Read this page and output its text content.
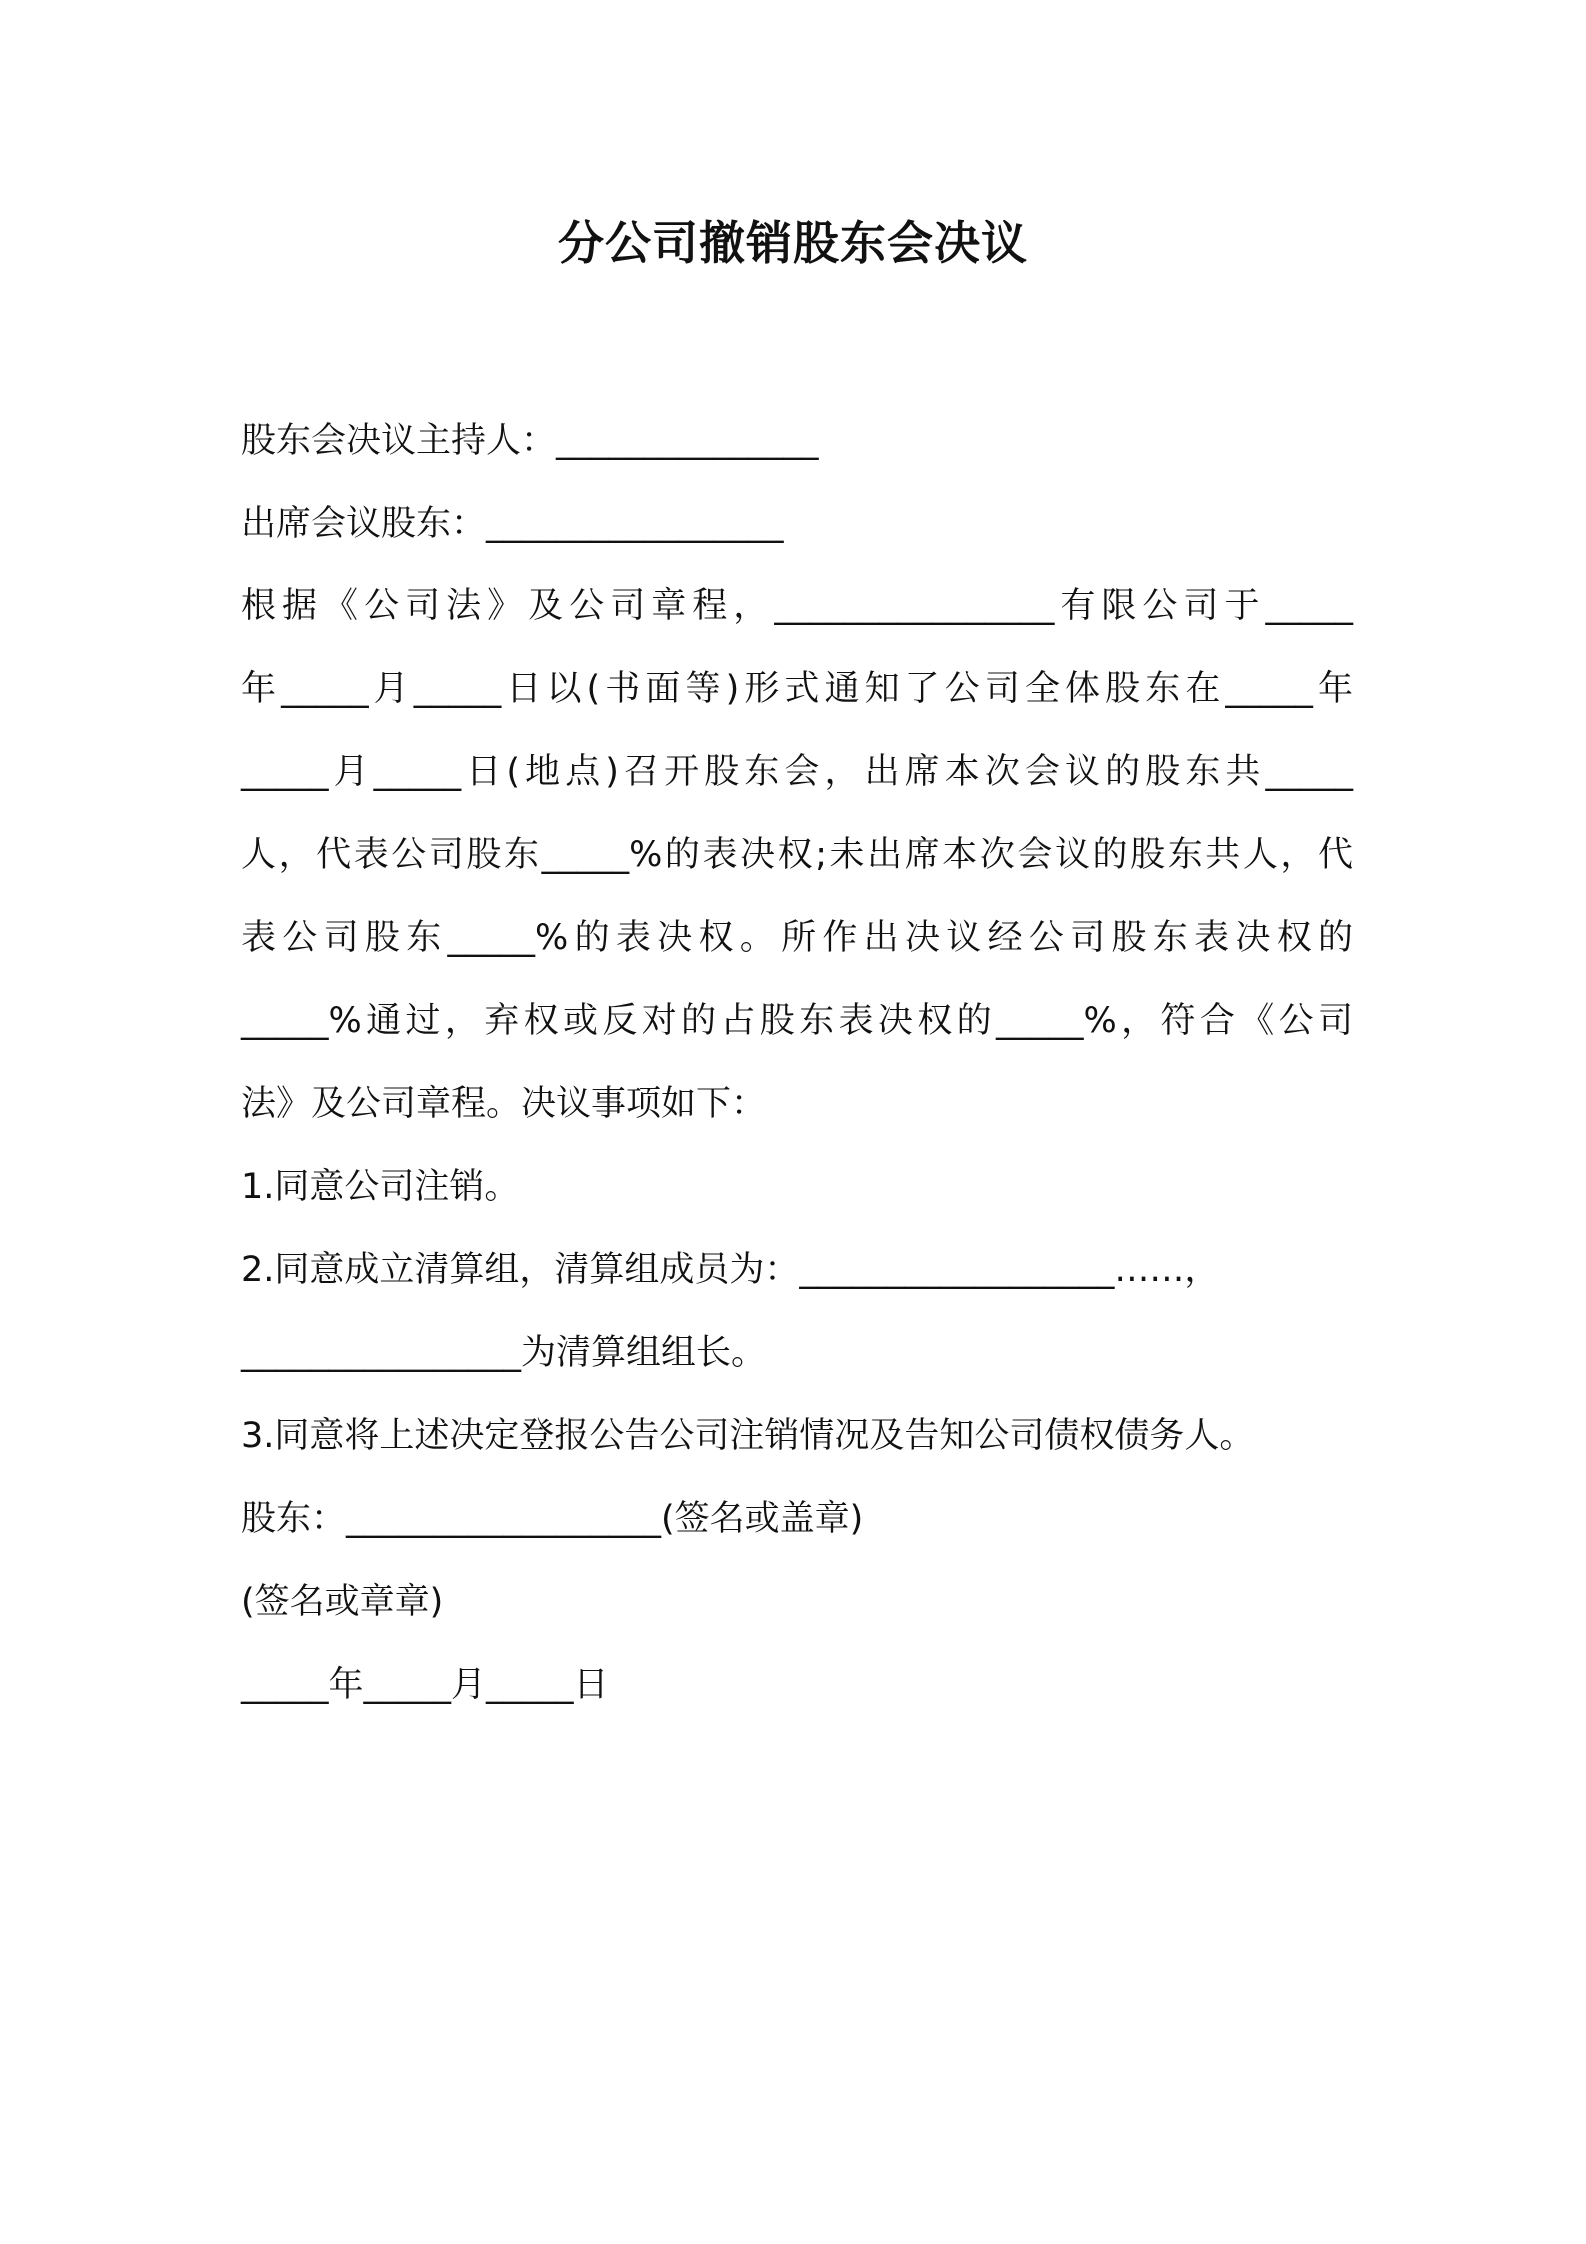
分公司撤销股东会决议

股东会决议主持人：_______________

出席会议股东：_________________

根据《公司法》及公司章程，________________有限公司于_____

年_____月_____日以(书面等)形式通知了公司全体股东在_____年

_____月_____日(地点)召开股东会，出席本次会议的股东共_____

人，代表公司股东_____%的表决权;未出席本次会议的股东共人，代

表公司股东_____%的表决权。所作出决议经公司股东表决权的

_____%通过，弃权或反对的占股东表决权的_____%，符合《公司

法》及公司章程。决议事项如下：

1.同意公司注销。

2.同意成立清算组，清算组成员为：__________________……，

________________为清算组组长。

3.同意将上述决定登报公告公司注销情况及告知公司债权债务人。

股东：__________________(签名或盖章)

(签名或章章)

_____年_____月_____日
